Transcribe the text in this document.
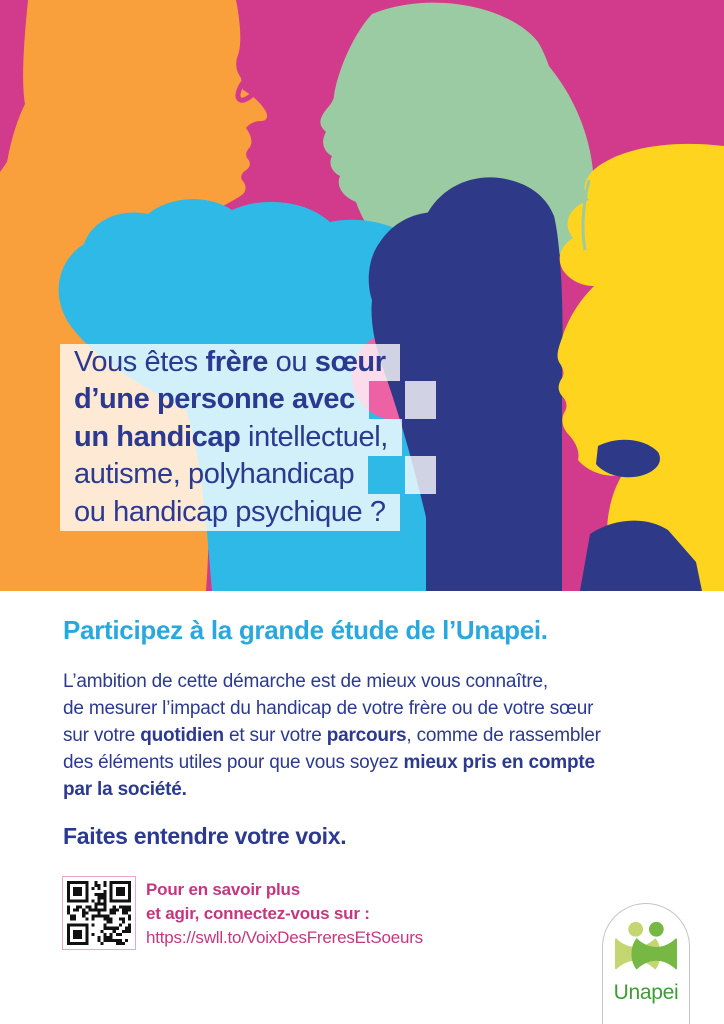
Vous êtes frère ou sœur
d’une personne avec
un handicap intellectuel,
autisme, polyhandicap
ou handicap psychique ?
Participez à la grande étude de l’Unapei.
L’ambition de cette démarche est de mieux vous connaître,
de mesurer l’impact du handicap de votre frère ou de votre sœur
sur votre quotidien et sur votre parcours, comme de rassembler
des éléments utiles pour que vous soyez mieux pris en compte
par la société.
Faites entendre votre voix.
Pour en savoir plus
et agir, connectez-vous sur :
https://swll.to/VoixDesFreresEtSoeurs
Unapei
